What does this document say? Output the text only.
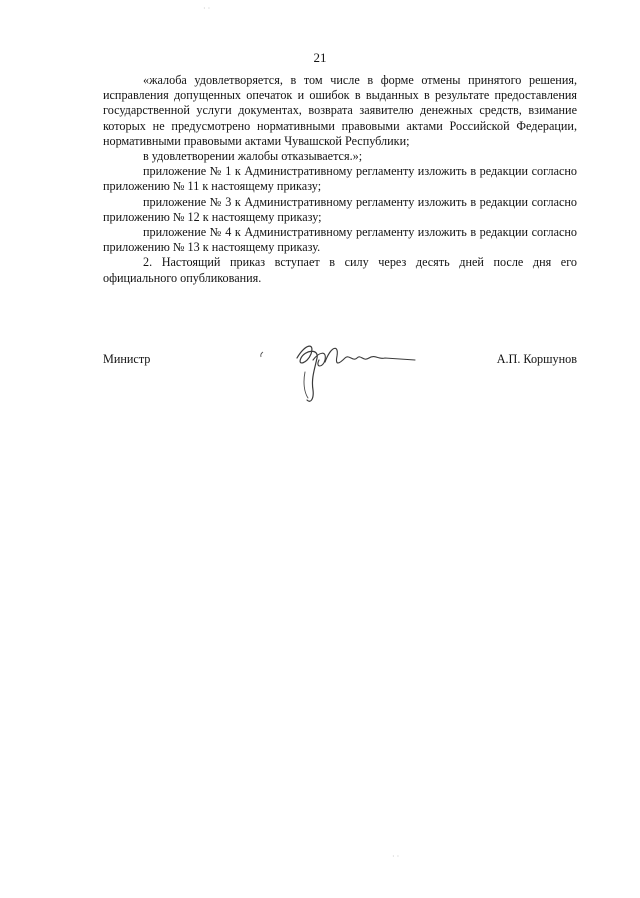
21

«жалоба удовлетворяется, в том числе в форме отмены принятого решения, исправления допущенных опечаток и ошибок в выданных в результате предоставления государственной услуги документах, возврата заявителю денежных средств, взимание которых не предусмотрено нормативными правовыми актами Российской Федерации, нормативными правовыми актами Чувашской Республики;

в удовлетворении жалобы отказывается.»;

приложение № 1 к Административному регламенту изложить в редакции согласно приложению № 11 к настоящему приказу;

приложение № 3 к Административному регламенту изложить в редакции согласно приложению № 12 к настоящему приказу;

приложение № 4 к Административному регламенту изложить в редакции согласно приложению № 13 к настоящему приказу.

2. Настоящий приказ вступает в силу через десять дней после дня его официального опубликования.

Министр	А.П. Коршунов
· ·
· ·
